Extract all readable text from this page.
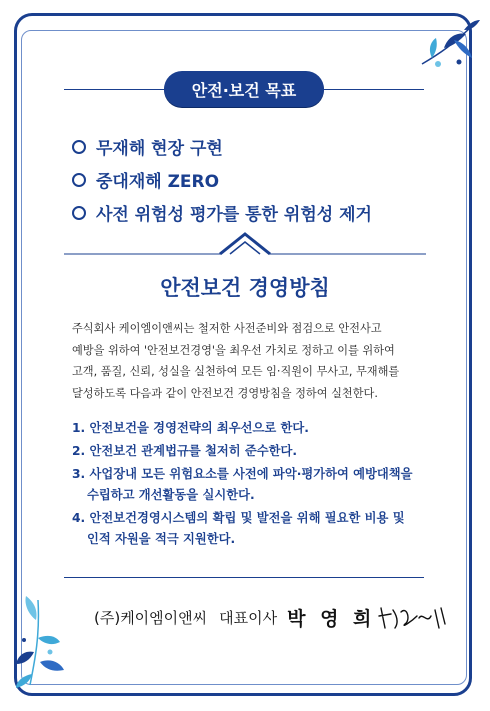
안전·보건 목표
무재해 현장 구현
중대재해 ZERO
사전 위험성 평가를 통한 위험성 제거
안전보건 경영방침
주식회사 케이엠이앤씨는 철저한 사전준비와 점검으로 안전사고
예방을 위하여 '안전보건경영'을 최우선 가치로 정하고 이를 위하여
고객, 품질, 신뢰, 성실을 실천하여 모든 임·직원이 무사고, 무재해를
달성하도록 다음과 같이 안전보건 경영방침을 정하여 실천한다.
1. 안전보건을 경영전략의 최우선으로 한다.
2. 안전보건 관계법규를 철저히 준수한다.
3. 사업장내 모든 위험요소를 사전에 파악·평가하여 예방대책을
수립하고 개선활동을 실시한다.
4. 안전보건경영시스템의 확립 및 발전을 위해 필요한 비용 및
인적 자원을 적극 지원한다.
(주)케이엠이앤씨 대표이사 박 영 희
